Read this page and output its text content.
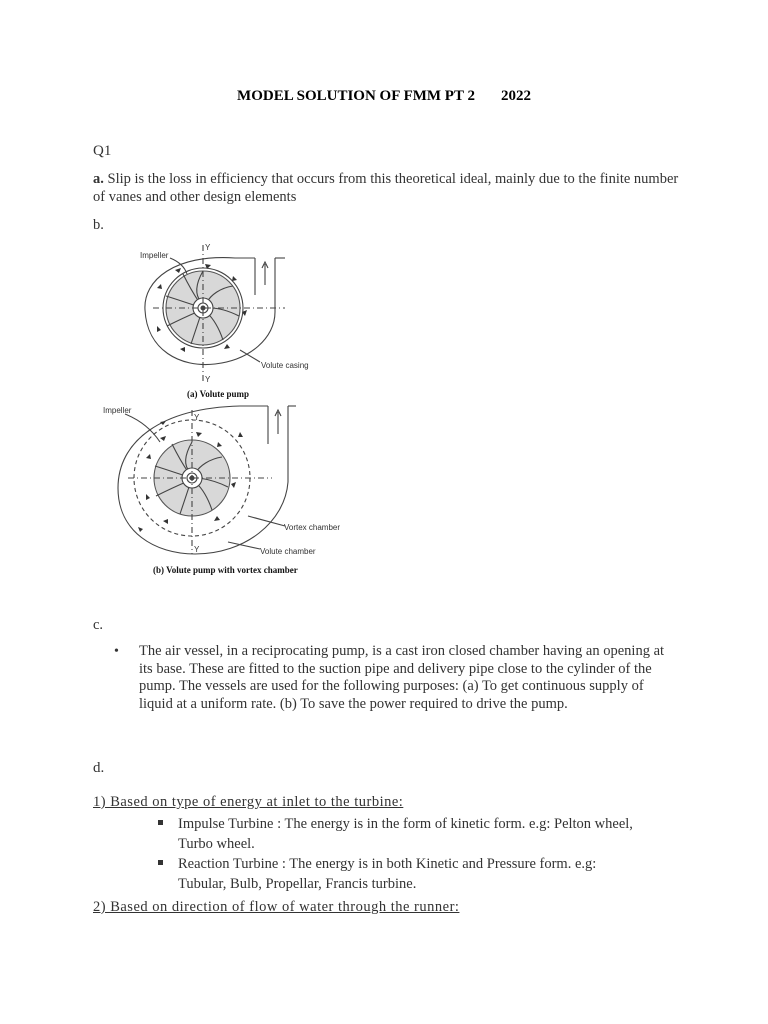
MODEL SOLUTION OF FMM PT 2 2022
Q1
a. Slip is the loss in efficiency that occurs from this theoretical ideal, mainly due to the finite number of vanes and other design elements
b.
Impeller
Y
Y
Volute casing
(a) Volute pump
Impeller
Y
Y
Vortex chamber
Volute chamber
(b) Volute pump with vortex chamber
c.
• The air vessel, in a reciprocating pump, is a cast iron closed chamber having an opening at its base. These are fitted to the suction pipe and delivery pipe close to the cylinder of the pump. The vessels are used for the following purposes: (a) To get continuous supply of liquid at a uniform rate. (b) To save the power required to drive the pump.
d.
1) Based on type of energy at inlet to the turbine:
Impulse Turbine : The energy is in the form of kinetic form. e.g: Pelton wheel, Turbo wheel.
Reaction Turbine : The energy is in both Kinetic and Pressure form. e.g: Tubular, Bulb, Propellar, Francis turbine.
2) Based on direction of flow of water through the runner:
